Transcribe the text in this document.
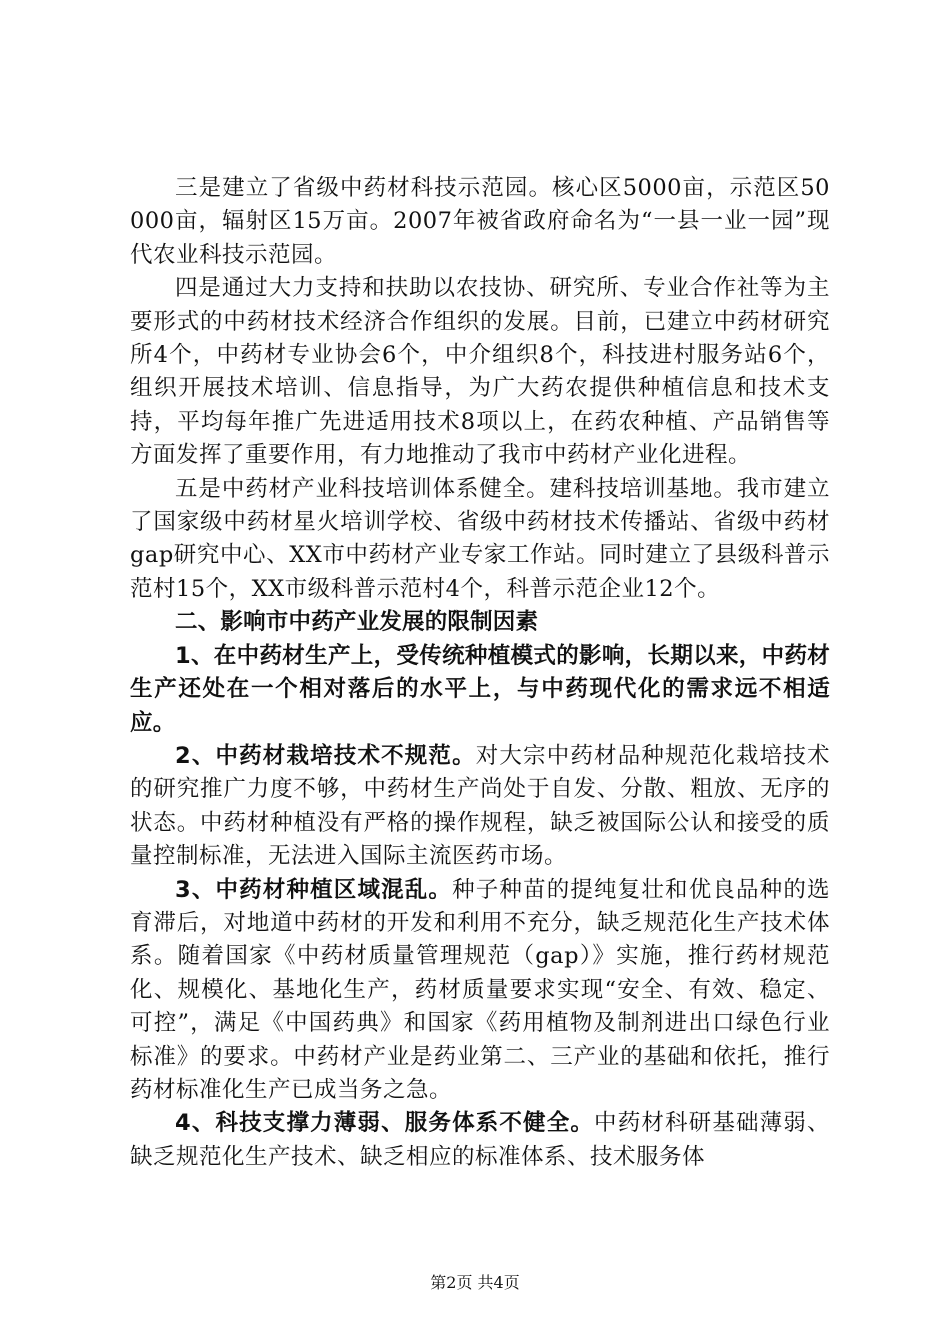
三是建立了省级中药材科技示范园。核心区5000亩，示范区50000亩，辐射区15万亩。2007年被省政府命名为“一县一业一园”现代农业科技示范园。

四是通过大力支持和扶助以农技协、研究所、专业合作社等为主要形式的中药材技术经济合作组织的发展。目前，已建立中药材研究所4个，中药材专业协会6个，中介组织8个，科技进村服务站6个，组织开展技术培训、信息指导，为广大药农提供种植信息和技术支持，平均每年推广先进适用技术8项以上，在药农种植、产品销售等方面发挥了重要作用，有力地推动了我市中药材产业化进程。

五是中药材产业科技培训体系健全。建科技培训基地。我市建立了国家级中药材星火培训学校、省级中药材技术传播站、省级中药材gap研究中心、XX市中药材产业专家工作站。同时建立了县级科普示范村15个，XX市级科普示范村4个，科普示范企业12个。

二、影响市中药产业发展的限制因素

1、在中药材生产上，受传统种植模式的影响，长期以来，中药材生产还处在一个相对落后的水平上，与中药现代化的需求远不相适应。

2、中药材栽培技术不规范。对大宗中药材品种规范化栽培技术的研究推广力度不够，中药材生产尚处于自发、分散、粗放、无序的状态。中药材种植没有严格的操作规程，缺乏被国际公认和接受的质量控制标准，无法进入国际主流医药市场。

3、中药材种植区域混乱。种子种苗的提纯复壮和优良品种的选育滞后，对地道中药材的开发和利用不充分，缺乏规范化生产技术体系。随着国家《中药材质量管理规范（gap）》实施，推行药材规范化、规模化、基地化生产，药材质量要求实现“安全、有效、稳定、可控”，满足《中国药典》和国家《药用植物及制剂进出口绿色行业标准》的要求。中药材产业是药业第二、三产业的基础和依托，推行药材标准化生产已成当务之急。

4、科技支撑力薄弱、服务体系不健全。中药材科研基础薄弱、缺乏规范化生产技术、缺乏相应的标准体系、技术服务体

第2页 共4页
